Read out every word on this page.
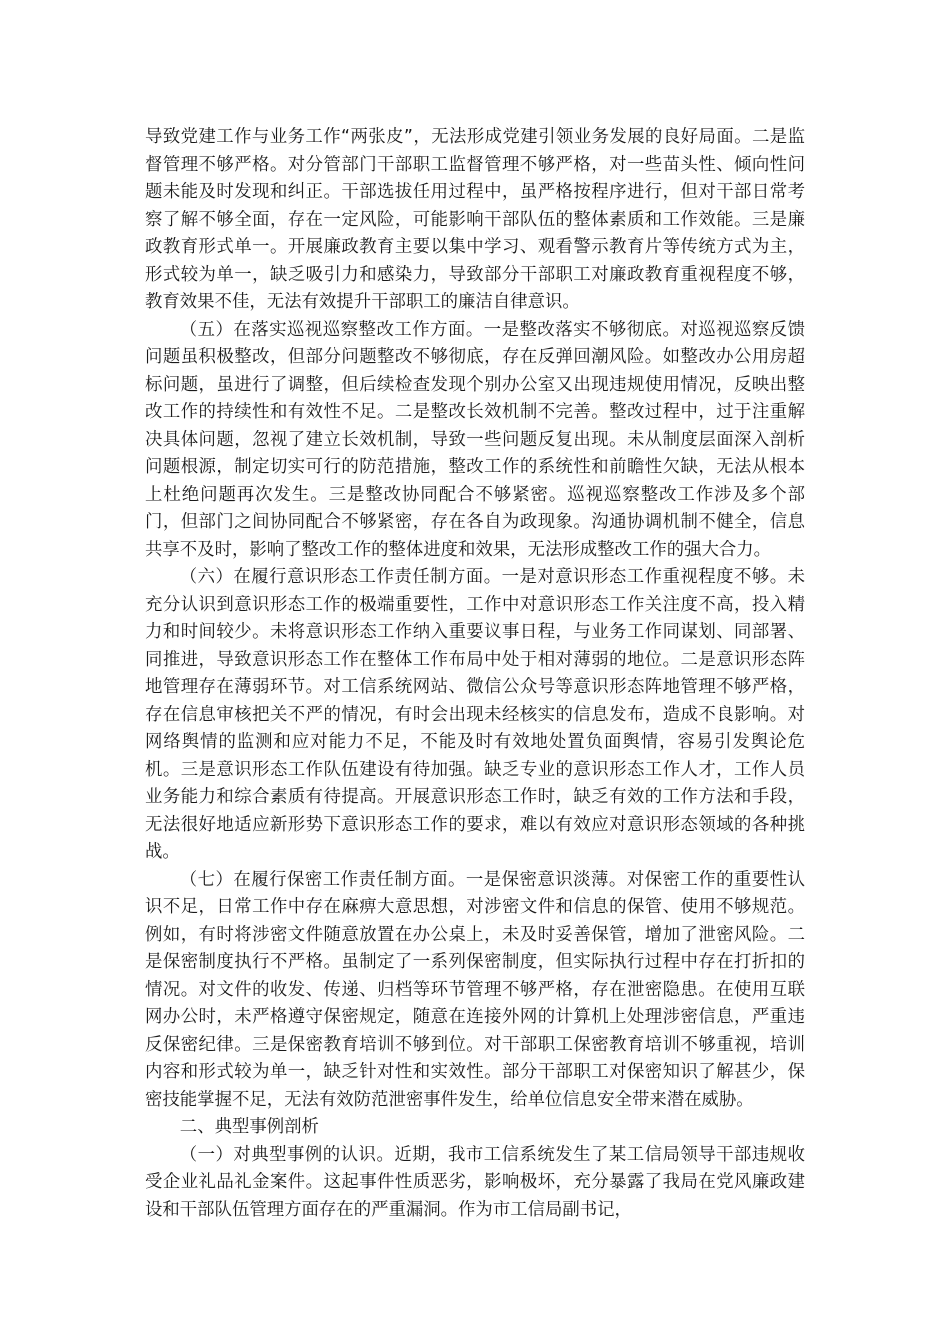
导致党建工作与业务工作“两张皮”，无法形成党建引领业务发展的良好局面。二是监督管理不够严格。对分管部门干部职工监督管理不够严格，对一些苗头性、倾向性问题未能及时发现和纠正。干部选拔任用过程中，虽严格按程序进行，但对干部日常考察了解不够全面，存在一定风险，可能影响干部队伍的整体素质和工作效能。三是廉政教育形式单一。开展廉政教育主要以集中学习、观看警示教育片等传统方式为主，形式较为单一，缺乏吸引力和感染力，导致部分干部职工对廉政教育重视程度不够，教育效果不佳，无法有效提升干部职工的廉洁自律意识。

（五）在落实巡视巡察整改工作方面。一是整改落实不够彻底。对巡视巡察反馈问题虽积极整改，但部分问题整改不够彻底，存在反弹回潮风险。如整改办公用房超标问题，虽进行了调整，但后续检查发现个别办公室又出现违规使用情况，反映出整改工作的持续性和有效性不足。二是整改长效机制不完善。整改过程中，过于注重解决具体问题，忽视了建立长效机制，导致一些问题反复出现。未从制度层面深入剖析问题根源，制定切实可行的防范措施，整改工作的系统性和前瞻性欠缺，无法从根本上杜绝问题再次发生。三是整改协同配合不够紧密。巡视巡察整改工作涉及多个部门，但部门之间协同配合不够紧密，存在各自为政现象。沟通协调机制不健全，信息共享不及时，影响了整改工作的整体进度和效果，无法形成整改工作的强大合力。

（六）在履行意识形态工作责任制方面。一是对意识形态工作重视程度不够。未充分认识到意识形态工作的极端重要性，工作中对意识形态工作关注度不高，投入精力和时间较少。未将意识形态工作纳入重要议事日程，与业务工作同谋划、同部署、同推进，导致意识形态工作在整体工作布局中处于相对薄弱的地位。二是意识形态阵地管理存在薄弱环节。对工信系统网站、微信公众号等意识形态阵地管理不够严格，存在信息审核把关不严的情况，有时会出现未经核实的信息发布，造成不良影响。对网络舆情的监测和应对能力不足，不能及时有效地处置负面舆情，容易引发舆论危机。三是意识形态工作队伍建设有待加强。缺乏专业的意识形态工作人才，工作人员业务能力和综合素质有待提高。开展意识形态工作时，缺乏有效的工作方法和手段，无法很好地适应新形势下意识形态工作的要求，难以有效应对意识形态领域的各种挑战。

（七）在履行保密工作责任制方面。一是保密意识淡薄。对保密工作的重要性认识不足，日常工作中存在麻痹大意思想，对涉密文件和信息的保管、使用不够规范。例如，有时将涉密文件随意放置在办公桌上，未及时妥善保管，增加了泄密风险。二是保密制度执行不严格。虽制定了一系列保密制度，但实际执行过程中存在打折扣的情况。对文件的收发、传递、归档等环节管理不够严格，存在泄密隐患。在使用互联网办公时，未严格遵守保密规定，随意在连接外网的计算机上处理涉密信息，严重违反保密纪律。三是保密教育培训不够到位。对干部职工保密教育培训不够重视，培训内容和形式较为单一，缺乏针对性和实效性。部分干部职工对保密知识了解甚少，保密技能掌握不足，无法有效防范泄密事件发生，给单位信息安全带来潜在威胁。

二、典型事例剖析

（一）对典型事例的认识。近期，我市工信系统发生了某工信局领导干部违规收受企业礼品礼金案件。这起事件性质恶劣，影响极坏，充分暴露了我局在党风廉政建设和干部队伍管理方面存在的严重漏洞。作为市工信局副书记，
